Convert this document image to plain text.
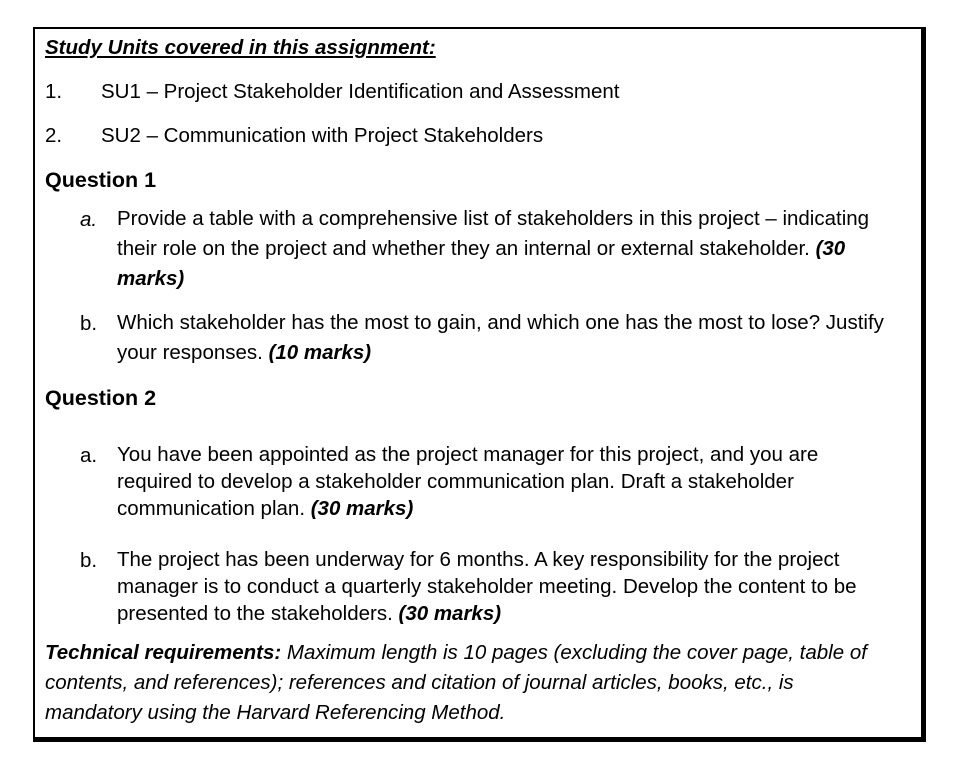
Study Units covered in this assignment:
1. SU1 – Project Stakeholder Identification and Assessment
2. SU2 – Communication with Project Stakeholders
Question 1
a. Provide a table with a comprehensive list of stakeholders in this project – indicating
their role on the project and whether they an internal or external stakeholder. (30
marks)
b. Which stakeholder has the most to gain, and which one has the most to lose? Justify
your responses. (10 marks)
Question 2
a. You have been appointed as the project manager for this project, and you are
required to develop a stakeholder communication plan. Draft a stakeholder
communication plan. (30 marks)
b. The project has been underway for 6 months. A key responsibility for the project
manager is to conduct a quarterly stakeholder meeting. Develop the content to be
presented to the stakeholders. (30 marks)
Technical requirements: Maximum length is 10 pages (excluding the cover page, table of
contents, and references); references and citation of journal articles, books, etc., is
mandatory using the Harvard Referencing Method.
